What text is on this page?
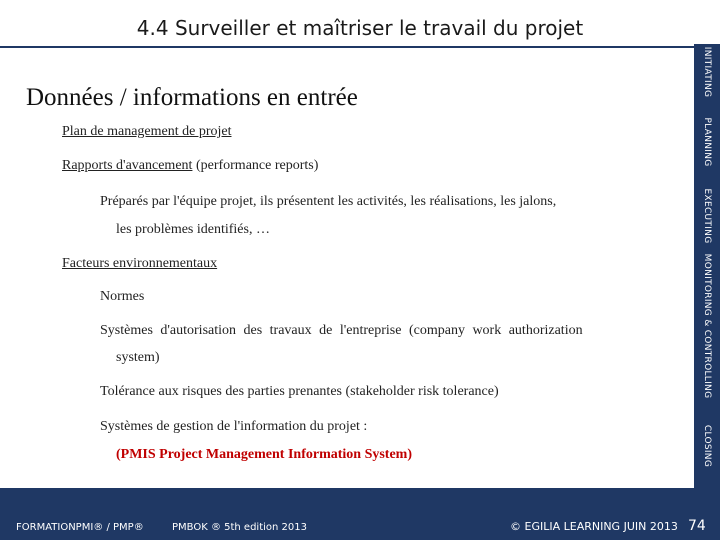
4.4 Surveiller et maîtriser le travail du projet
INITIATING
PLANNING
EXECUTING
MONITORING & CONTROLLING
CLOSING
Données / informations en entrée
Plan de management de projet
Rapports d'avancement (performance reports)
Préparés par l'équipe projet, ils présentent les activités, les réalisations, les jalons,
les problèmes identifiés, …
Facteurs environnementaux
Normes
Systèmes d'autorisation des travaux de l'entreprise (company work authorization
system)
Tolérance aux risques des parties prenantes (stakeholder risk tolerance)
Systèmes de gestion de l'information du projet :
(PMIS Project Management Information System)
FORMATIONPMI® / PMP®	PMBOK ® 5th edition 2013	© EGILIA LEARNING JUIN 2013 74
